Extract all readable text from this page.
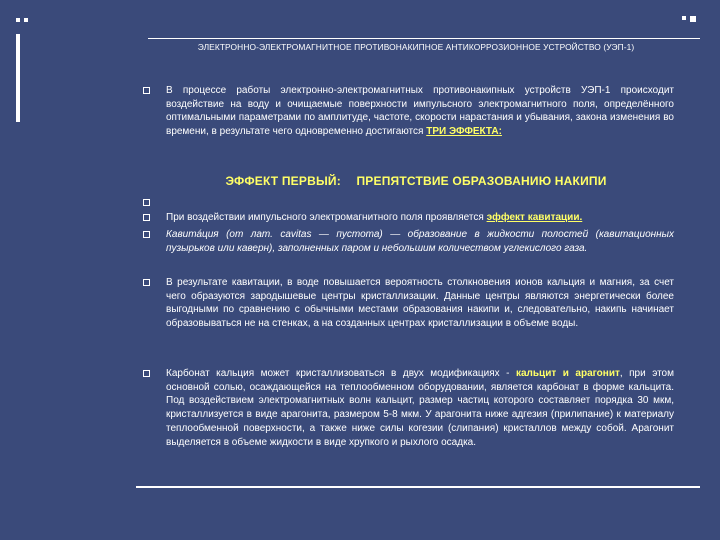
ЭЛЕКТРОННО-ЭЛЕКТРОМАГНИТНОЕ ПРОТИВОНАКИПНОЕ АНТИКОРРОЗИОННОЕ УСТРОЙСТВО (УЭП-1)
В процессе работы электронно-электромагнитных противонакипных устройств УЭП-1 происходит воздействие на воду и очищаемые поверхности импульсного электромагнитного поля, определённого оптимальными параметрами по амплитуде, частоте, скорости нарастания и убывания, закона изменения во времени, в результате чего одновременно достигаются ТРИ ЭФФЕКТА:
ЭФФЕКТ ПЕРВЫЙ: ПРЕПЯТСТВИЕ ОБРАЗОВАНИЮ НАКИПИ
При воздействии импульсного электромагнитного поля проявляется эффект кавитации.
Кавита́ция (от лат. cavitas — пустота) — образование в жидкости полостей (кавитационных пузырьков или каверн), заполненных паром и небольшим количеством углекислого газа.
В результате кавитации, в воде повышается вероятность столкновения ионов кальция и магния, за счет чего образуются зародышевые центры кристаллизации. Данные центры являются энергетически более выгодными по сравнению с обычными местами образования накипи и, следовательно, накипь начинает образовываться не на стенках, а на созданных центрах кристаллизации в объеме воды.
Карбонат кальция может кристаллизоваться в двух модификациях - кальцит и арагонит, при этом основной солью, осаждающейся на теплообменном оборудовании, является карбонат в форме кальцита. Под воздействием электромагнитных волн кальцит, размер частиц которого составляет порядка 30 мкм, кристаллизуется в виде арагонита, размером 5-8 мкм. У арагонита ниже адгезия (прилипание) к материалу теплообменной поверхности, а также ниже силы когезии (слипания) кристаллов между собой. Арагонит выделяется в объеме жидкости в виде хрупкого и рыхлого осадка.
